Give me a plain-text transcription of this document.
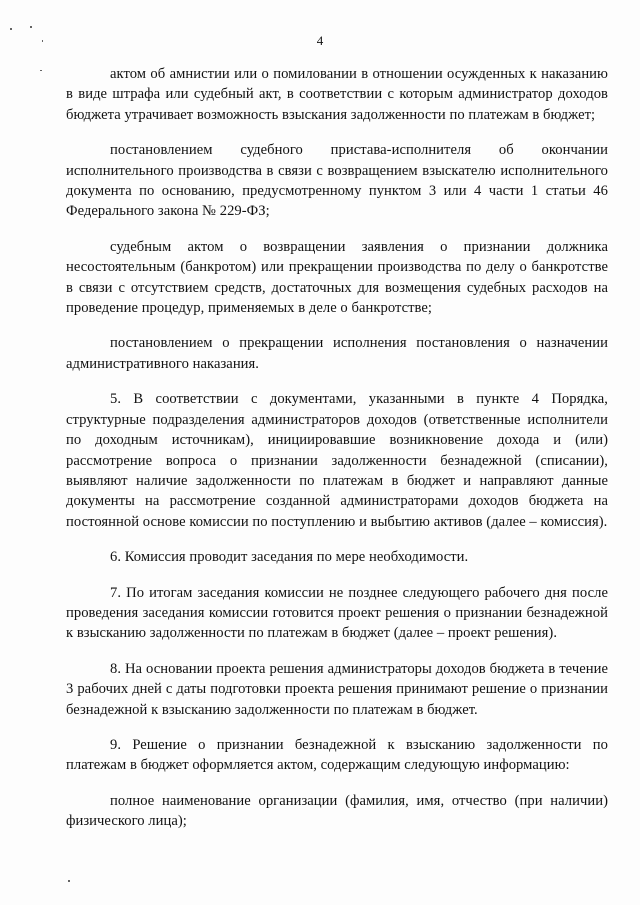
4

актом об амнистии или о помиловании в отношении осужденных к наказанию в виде штрафа или судебный акт, в соответствии с которым администратор доходов бюджета утрачивает возможность взыскания задолженности по платежам в бюджет;

постановлением судебного пристава-исполнителя об окончании исполнительного производства в связи с возвращением взыскателю исполнительного документа по основанию, предусмотренному пунктом 3 или 4 части 1 статьи 46 Федерального закона № 229-ФЗ;

судебным актом о возвращении заявления о признании должника несостоятельным (банкротом) или прекращении производства по делу о банкротстве в связи с отсутствием средств, достаточных для возмещения судебных расходов на проведение процедур, применяемых в деле о банкротстве;

постановлением о прекращении исполнения постановления о назначении административного наказания.

5. В соответствии с документами, указанными в пункте 4 Порядка, структурные подразделения администраторов доходов (ответственные исполнители по доходным источникам), инициировавшие возникновение дохода и (или) рассмотрение вопроса о признании задолженности безнадежной (списании), выявляют наличие задолженности по платежам в бюджет и направляют данные документы на рассмотрение созданной администраторами доходов бюджета на постоянной основе комиссии по поступлению и выбытию активов (далее – комиссия).

6. Комиссия проводит заседания по мере необходимости.

7. По итогам заседания комиссии не позднее следующего рабочего дня после проведения заседания комиссии готовится проект решения о признании безнадежной к взысканию задолженности по платежам в бюджет (далее – проект решения).

8. На основании проекта решения администраторы доходов бюджета в течение 3 рабочих дней с даты подготовки проекта решения принимают решение о признании безнадежной к взысканию задолженности по платежам в бюджет.

9. Решение о признании безнадежной к взысканию задолженности по платежам в бюджет оформляется актом, содержащим следующую информацию:

полное наименование организации (фамилия, имя, отчество (при наличии) физического лица);
